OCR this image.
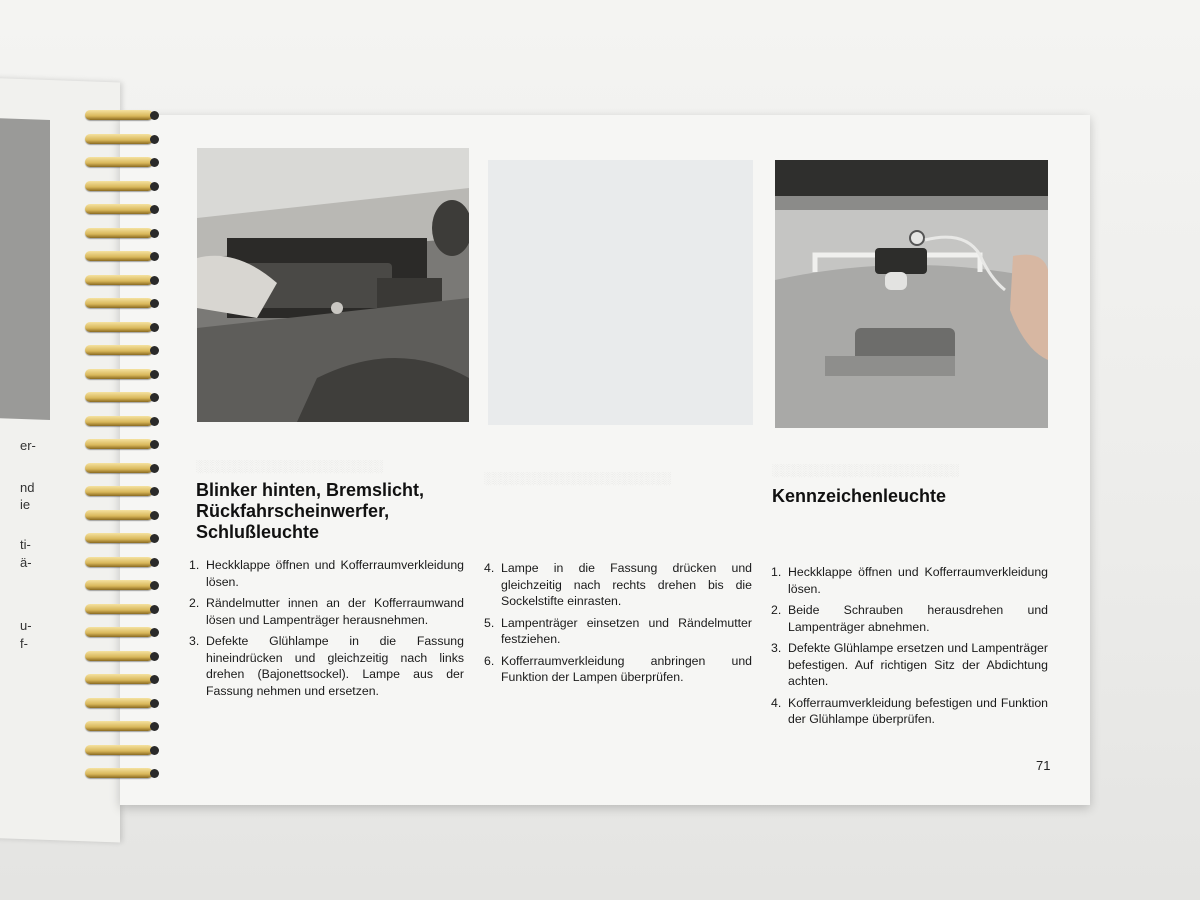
er-
nd
ie
ti-
ä-
u-
f-
░░░░░░░░░░░░░░░░░░░░░░
░░░░░░░░░░░░░░░░░░░░░░
░░░░░░░░░░░░░░░░░░░░░░
Blinker hinten, Bremslicht, Rückfahrscheinwerfer, Schlußleuchte
1. Heckklappe öffnen und Kofferraumverkleidung lösen.
2. Rändelmutter innen an der Kofferraumwand lösen und Lampenträger herausnehmen.
3. Defekte Glühlampe in die Fassung hineindrücken und gleichzeitig nach links drehen (Bajonettsockel). Lampe aus der Fassung nehmen und ersetzen.
4. Lampe in die Fassung drücken und gleichzeitig nach rechts drehen bis die Sockelstifte einrasten.
5. Lampenträger einsetzen und Rändelmutter festziehen.
6. Kofferraumverkleidung anbringen und Funktion der Lampen überprüfen.
Kennzeichenleuchte
1. Heckklappe öffnen und Kofferraumverkleidung lösen.
2. Beide Schrauben herausdrehen und Lampenträger abnehmen.
3. Defekte Glühlampe ersetzen und Lampenträger befestigen. Auf richtigen Sitz der Abdichtung achten.
4. Kofferraumverkleidung befestigen und Funktion der Glühlampe überprüfen.
71
